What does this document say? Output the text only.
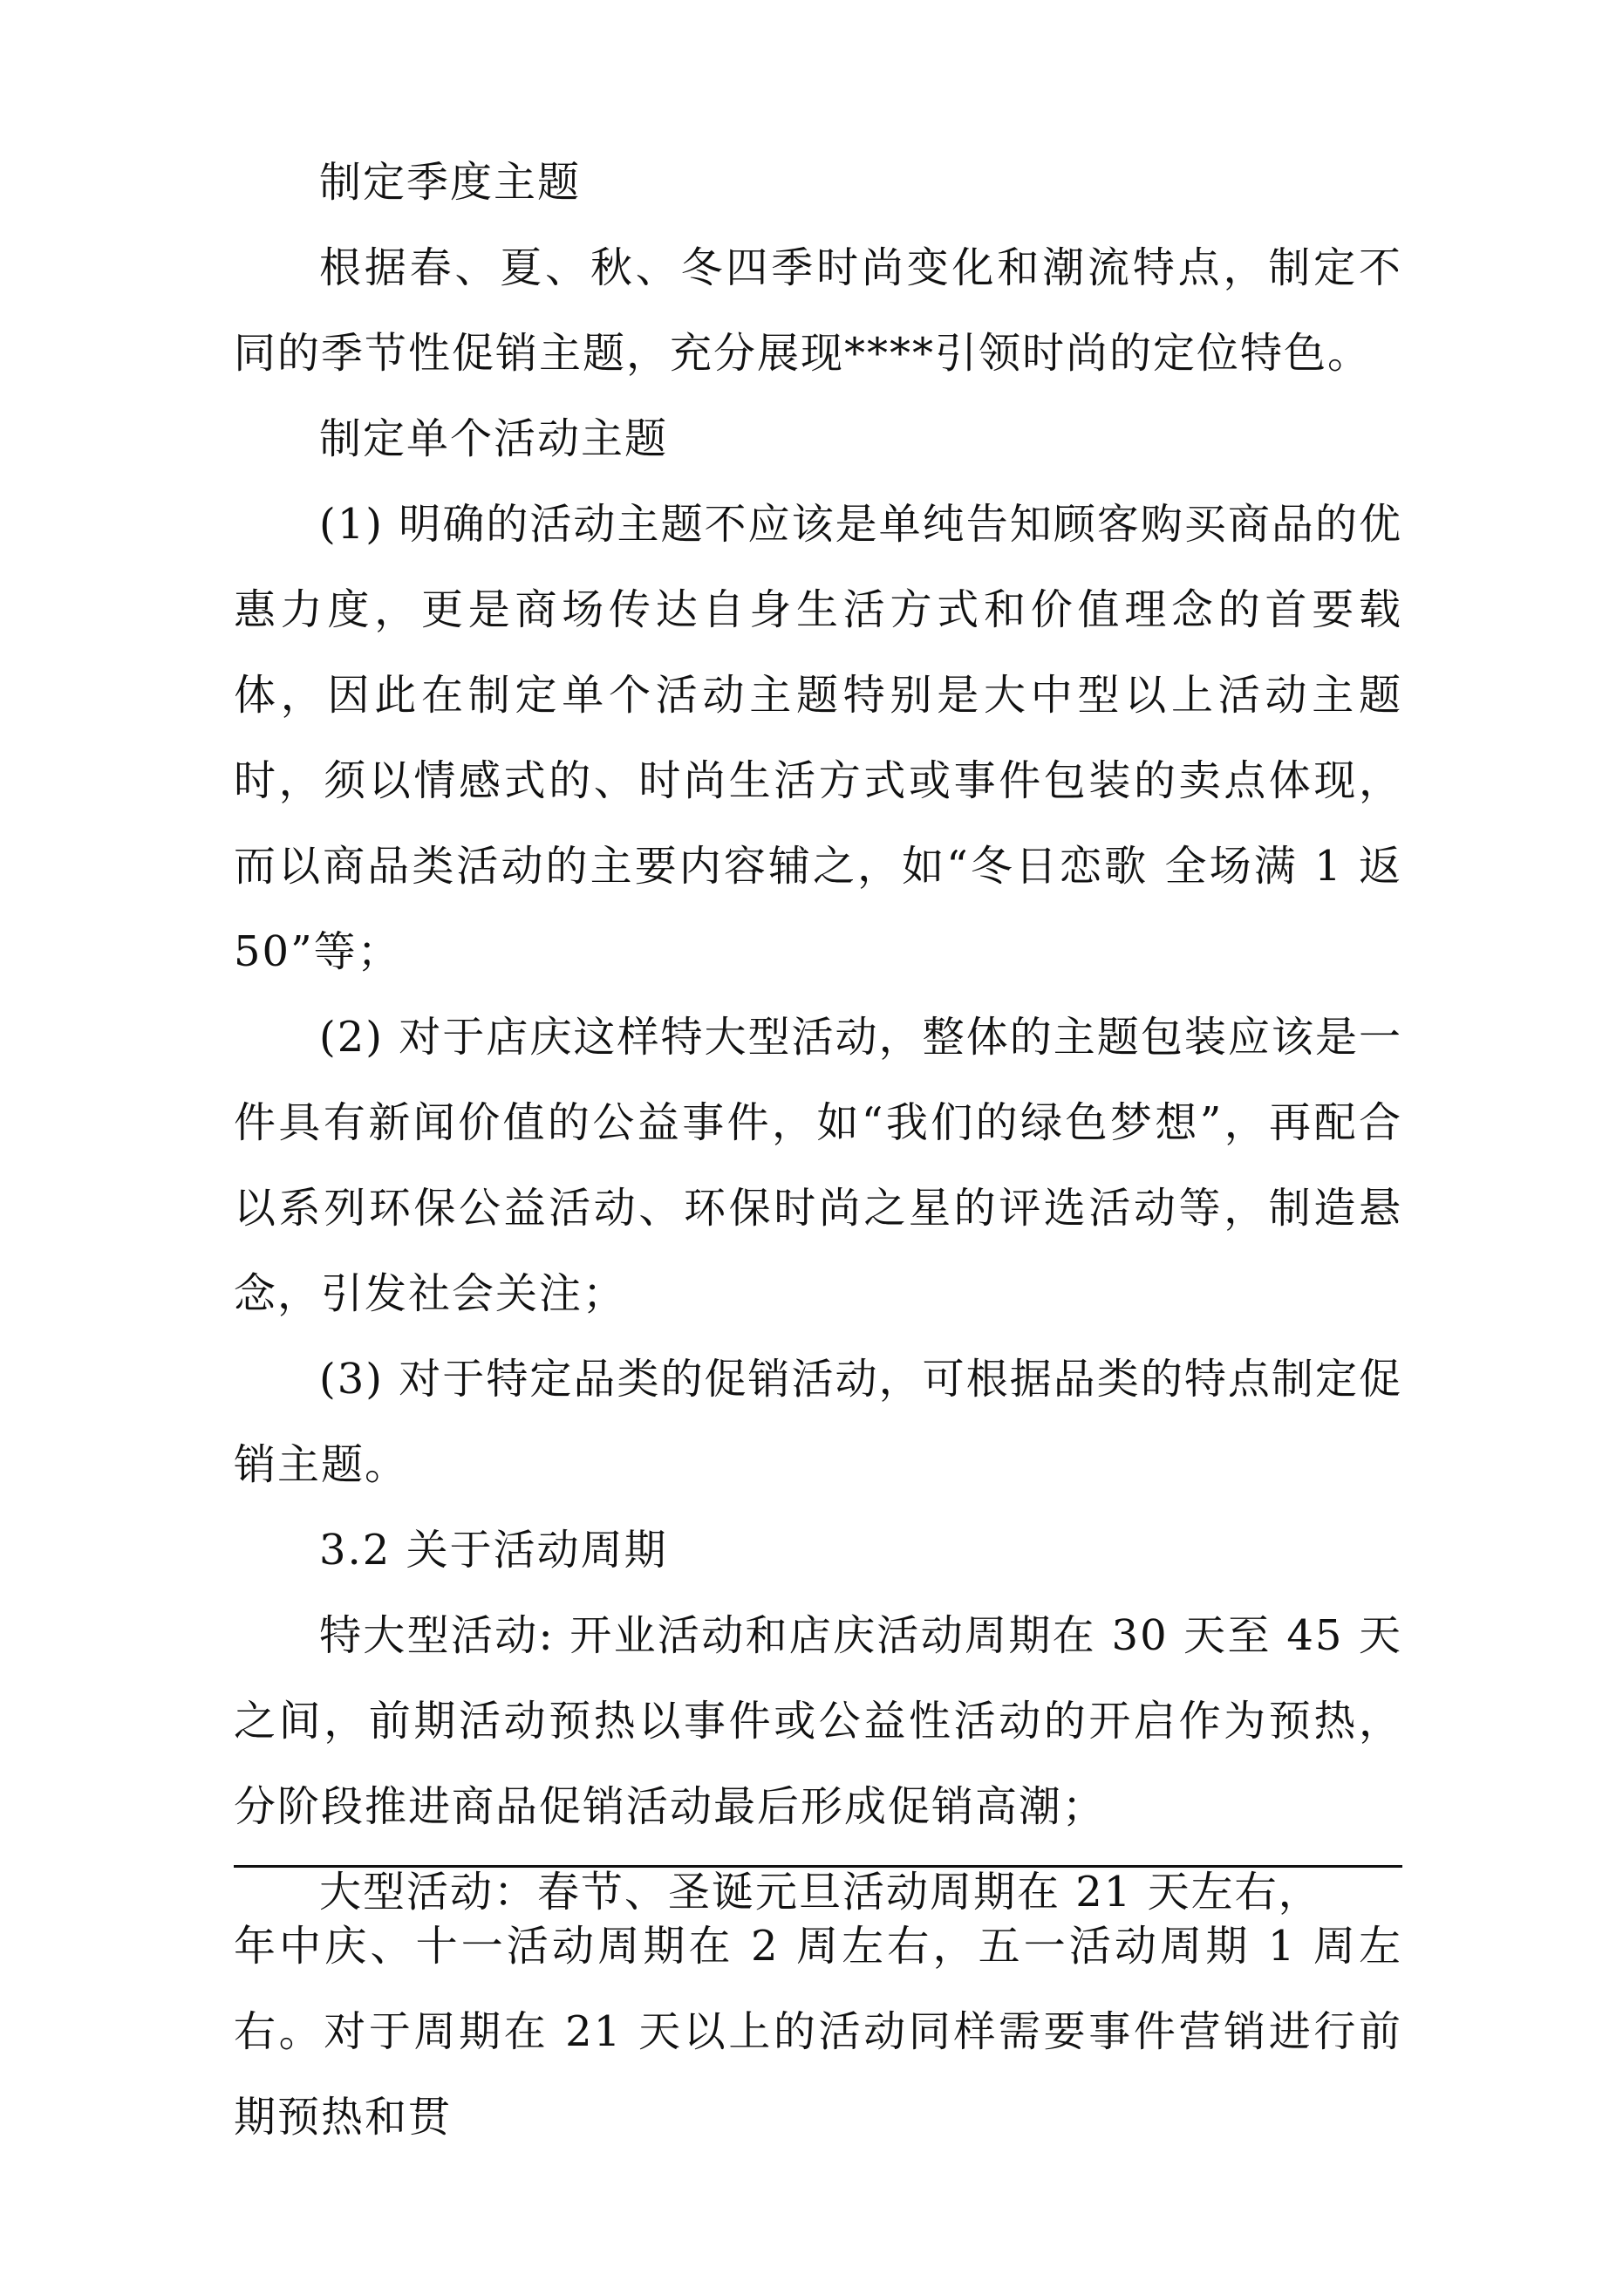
制定季度主题

根据春、夏、秋、冬四季时尚变化和潮流特点，制定不同的季节性促销主题，充分展现****引领时尚的定位特色。

制定单个活动主题

(1) 明确的活动主题不应该是单纯告知顾客购买商品的优惠力度，更是商场传达自身生活方式和价值理念的首要载体，因此在制定单个活动主题特别是大中型以上活动主题时，须以情感式的、时尚生活方式或事件包装的卖点体现，而以商品类活动的主要内容辅之，如“冬日恋歌 全场满 1 返 50”等；

(2) 对于店庆这样特大型活动，整体的主题包装应该是一件具有新闻价值的公益事件，如“我们的绿色梦想”，再配合以系列环保公益活动、环保时尚之星的评选活动等，制造悬念，引发社会关注；

(3) 对于特定品类的促销活动，可根据品类的特点制定促销主题。

3.2 关于活动周期

特大型活动: 开业活动和店庆活动周期在 30 天至 45 天之间，前期活动预热以事件或公益性活动的开启作为预热，分阶段推进商品促销活动最后形成促销高潮；

大型活动：春节、圣诞元旦活动周期在 21 天左右，

年中庆、十一活动周期在 2 周左右，五一活动周期 1 周左右。对于周期在 21 天以上的活动同样需要事件营销进行前期预热和贯
